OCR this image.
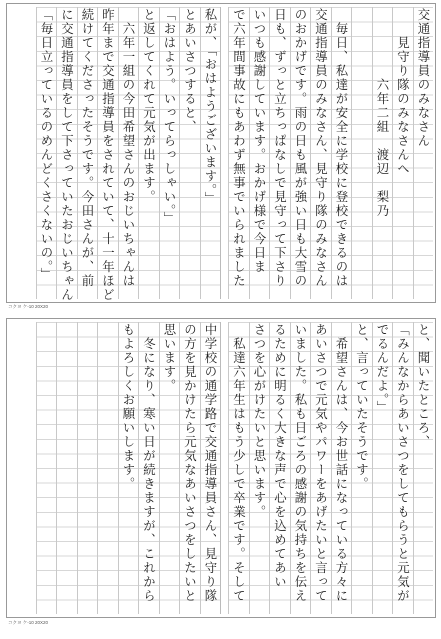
交通指導員のみなさん
　　見守り隊のみなさんへ
　　　　　六年二組　渡辺　梨乃
　毎日、私達が安全に学校に登校できるのは
交通指導員のみなさん、見守り隊のみなさん
のおかげです。雨の日も風が強い日も大雪の
日も、ずっと立ちっぱなしで見守って下さり
いつも感謝しています。おかげ様で今日ま
で六年間事故にもあわず無事でいられました
私が、「おはようございます。」
とあいさつすると、
「おはよう。いってらっしゃい。」
と返してくれて元気が出ます。
　六年一組の今田希望さんのおじいちゃんは
昨年まで交通指導員をされていて、十一年ほど
続けてくださったそうです。今田さんが、前
に交通指導員をして下さっていたおじいちゃん
「毎日立っているのめんどくさくないの。」
コクヨ ケ-10 20X20
と、聞いたところ、
「みんなからあいさつをしてもらうと元気が
でるんだよ。」
と、言っていたそうです。
　希望さんは、今お世話になっている方々に
あいさつで元気やパワーをあげたいと言って
いました。私も日ごろの感謝の気持ちを伝え
るために明るく大きな声で心を込めてあい
さつを心がけたいと思います。
　私達六年生はもう少しで卒業です。そして
中学校の通学路で交通指導員さん、見守り隊
の方を見かけたら元気なあいさつをしたいと
思います。
　冬になり、寒い日が続きますが、これから
もよろしくお願いします。
コクヨ ケ-10 20X20
